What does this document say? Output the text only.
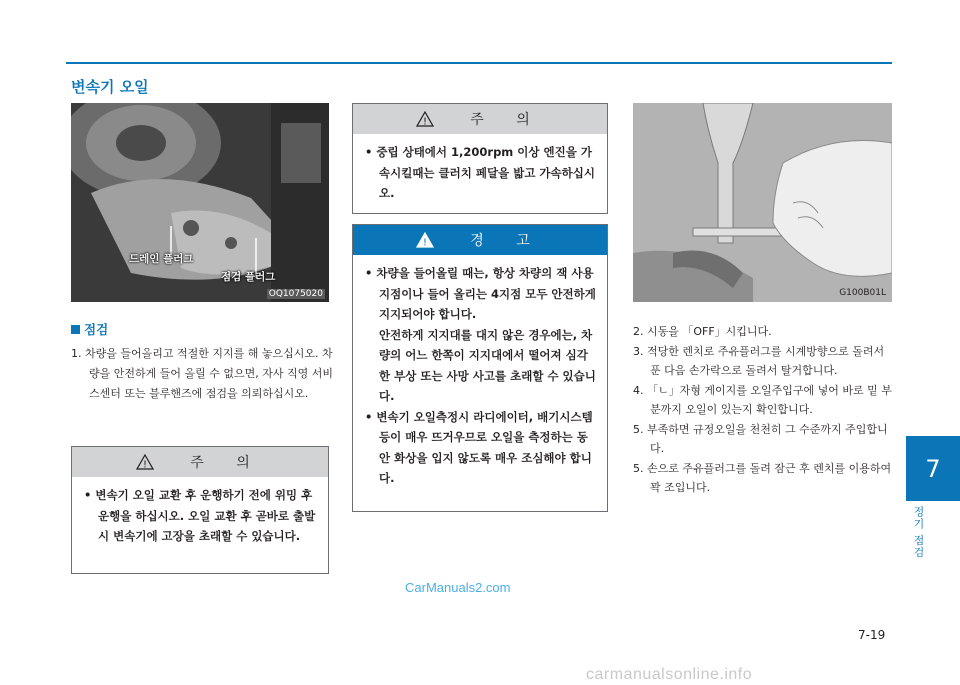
변속기 오일
드레인 플러그
점검 플러그
OQ1075020
점검
1. 차량을 들어올리고 적절한 지지를 해 놓으십시오. 차량을 안전하게 들어 올릴 수 없으면, 자사 직영 서비스센터 또는 블루핸즈에 점검을 의뢰하십시오.
!	주 의
• 변속기 오일 교환 후 운행하기 전에 위밍 후 운행을 하십시오. 오일 교환 후 곧바로 출발시 변속기에 고장을 초래할 수 있습니다.
!	주 의
• 중립 상태에서 1,200rpm 이상 엔진을 가속시킬때는 클러치 페달을 밟고 가속하십시오.
!	경 고
• 차량을 들어올릴 때는, 항상 차량의 잭 사용지점이나 들어 올리는 4지점 모두 안전하게 지지되어야 합니다.
안전하게 지지대를 대지 않은 경우에는, 차량의 어느 한쪽이 지지대에서 떨어져 심각한 부상 또는 사망 사고를 초래할 수 있습니다.
• 변속기 오일측정시 라디에이터, 배기시스템등이 매우 뜨거우므로 오일을 측정하는 동안 화상을 입지 않도록 매우 조심해야 합니다.
G100B01L
2. 시동을 「OFF」시킵니다.
3. 적당한 렌치로 주유플러그를 시계방향으로 돌려서 푼 다음 손가락으로 돌려서 탈거합니다.
4. 「ㄴ」자형 게이지를 오일주입구에 넣어 바로 밑 부분까지 오일이 있는지 확인합니다.
5. 부족하면 규정오일을 천천히 그 수준까지 주입합니다.
5. 손으로 주유플러그를 돌려 잠근 후 렌치를 이용하여 꽉 조입니다.
7
정기 점검
CarManuals2.com
7-19
carmanualsonline.info
